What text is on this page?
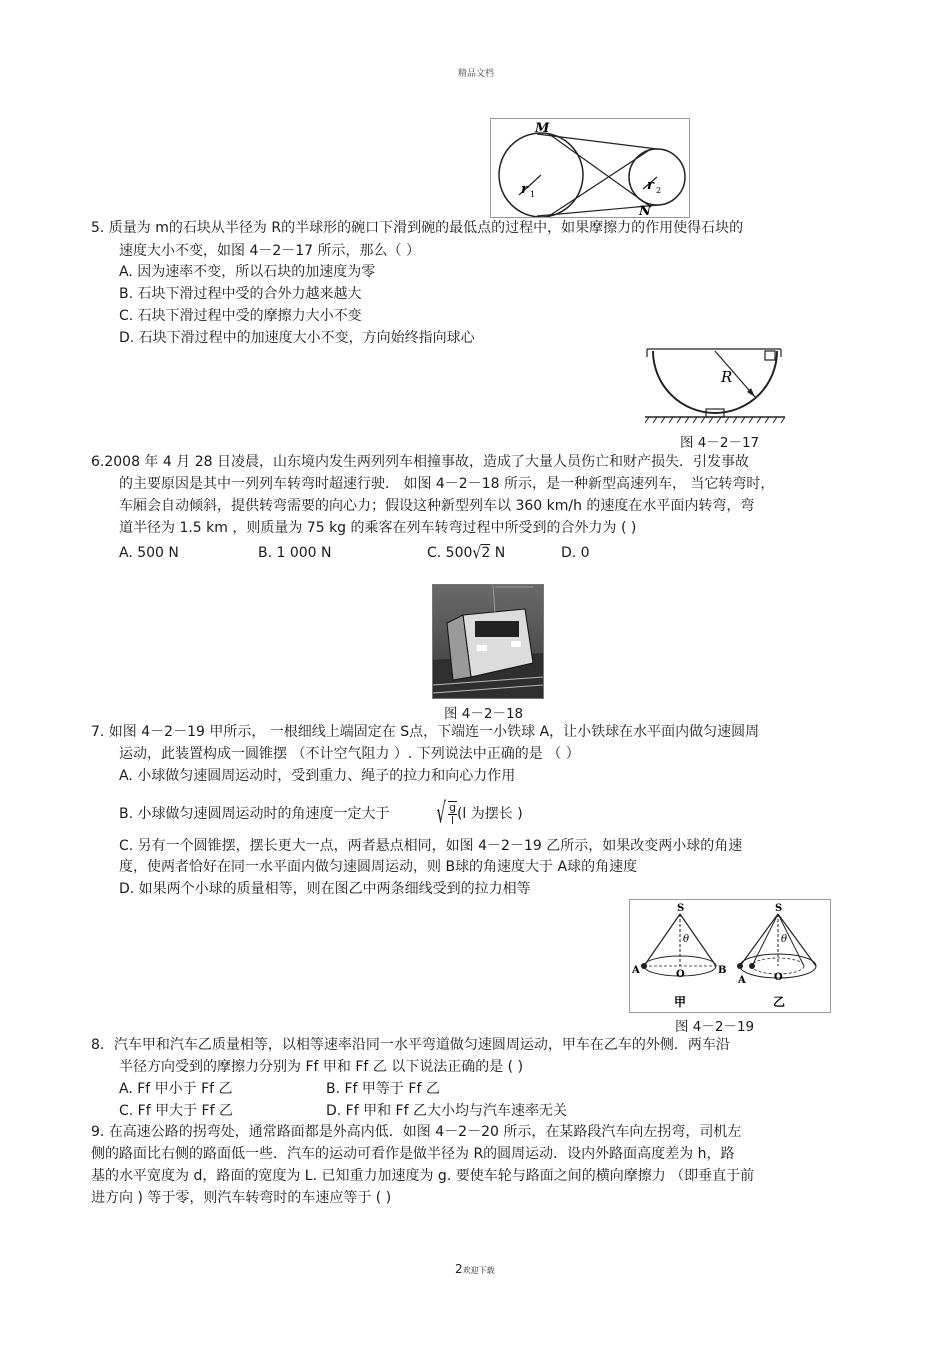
精品文档
M
N
r 1
r 2
5. 质量为 m的石块从半径为 R的半球形的碗口下滑到碗的最低点的过程中，如果摩擦力的作用使得石块的
速度大小不变，如图 4－2－17 所示，那么（ ）
A. 因为速率不变，所以石块的加速度为零
B. 石块下滑过程中受的合外力越来越大
C. 石块下滑过程中受的摩擦力大小不变
D. 石块下滑过程中的加速度大小不变，方向始终指向球心
R
图 4－2－17
6.2008 年 4 月 28 日凌晨，山东境内发生两列列车相撞事故，造成了大量人员伤亡和财产损失．引发事故
的主要原因是其中一列列车转弯时超速行驶． 如图 4－2－18 所示，是一种新型高速列车， 当它转弯时，
车厢会自动倾斜，提供转弯需要的向心力；假设这种新型列车以 360 km/h 的速度在水平面内转弯，弯
道半径为 1.5 km ，则质量为 75 kg 的乘客在列车转弯过程中所受到的合外力为 ( )
A. 500 N	B. 1 000 N	C. 500√2 N	D. 0
图 4－2－18
7. 如图 4－2－19 甲所示， 一根细线上端固定在 S点，下端连一小铁球 A，让小铁球在水平面内做匀速圆周
运动，此装置构成一圆锥摆 （不计空气阻力 ）. 下列说法中正确的是 （ ）
A. 小球做匀速圆周运动时，受到重力、绳子的拉力和向心力作用
B. 小球做匀速圆周运动时的角速度一定大于	√ $\frac{g}{l} (l$ 为摆长 )
C. 另有一个圆锥摆，摆长更大一点，两者悬点相同，如图 4－2－19 乙所示，如果改变两小球的角速
度，使两者恰好在同一水平面内做匀速圆周运动，则 B球的角速度大于 A球的角速度
D. 如果两个小球的质量相等，则在图乙中两条细线受到的拉力相等
S
θ
A	O	B
甲
S
θ
A	O
乙
图 4－2－19
8．汽车甲和汽车乙质量相等，以相等速率沿同一水平弯道做匀速圆周运动，甲车在乙车的外侧．两车沿
半径方向受到的摩擦力分别为 Ff 甲和 Ff 乙 以下说法正确的是 ( )
A. Ff 甲小于 Ff 乙	B. Ff 甲等于 Ff 乙
C. Ff 甲大于 Ff 乙	D. Ff 甲和 Ff 乙大小均与汽车速率无关
9. 在高速公路的拐弯处，通常路面都是外高内低．如图 4－2－20 所示，在某路段汽车向左拐弯，司机左
侧的路面比右侧的路面低一些．汽车的运动可看作是做半径为 R的圆周运动．设内外路面高度差为 h，路
基的水平宽度为 d，路面的宽度为 L. 已知重力加速度为 g. 要使车轮与路面之间的横向摩擦力 （即垂直于前
进方向 ) 等于零，则汽车转弯时的车速应等于 ( )
2欢迎下载
